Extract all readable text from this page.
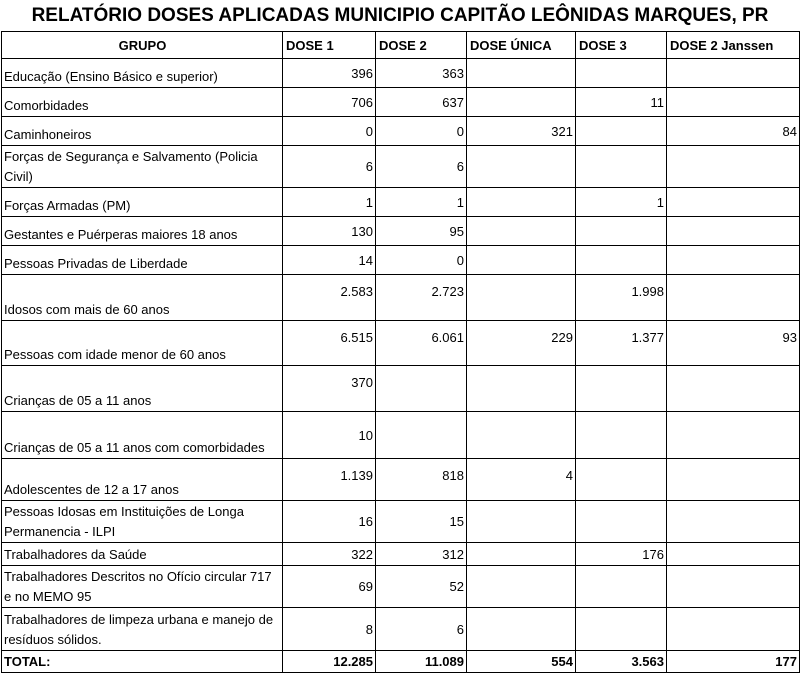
RELATÓRIO DOSES APLICADAS MUNICIPIO CAPITÃO LEÔNIDAS MARQUES, PR
GRUPO	DOSE 1	DOSE 2	DOSE ÚNICA	DOSE 3	DOSE 2 Janssen
Educação (Ensino Básico e superior)	396	363			
Comorbidades	706	637		11	
Caminhoneiros	0	0	321		84
Forças de Segurança e Salvamento (Policia Civil)	6	6			
Forças Armadas (PM)	1	1		1	
Gestantes e Puérperas maiores 18 anos	130	95			
Pessoas Privadas de Liberdade	14	0			
Idosos com mais de 60 anos	2.583	2.723		1.998	
Pessoas com idade menor de 60 anos	6.515	6.061	229	1.377	93
Crianças de 05 a 11 anos	370				
Crianças de 05 a 11 anos com comorbidades	10				
Adolescentes de 12 a 17 anos	1.139	818	4		
Pessoas Idosas em Instituições de Longa Permanencia - ILPI	16	15			
Trabalhadores da Saúde	322	312		176	
Trabalhadores Descritos no Ofício circular 717 e no MEMO 95	69	52			
Trabalhadores de limpeza urbana e manejo de resíduos sólidos.	8	6			
TOTAL:	12.285	11.089	554	3.563	177
